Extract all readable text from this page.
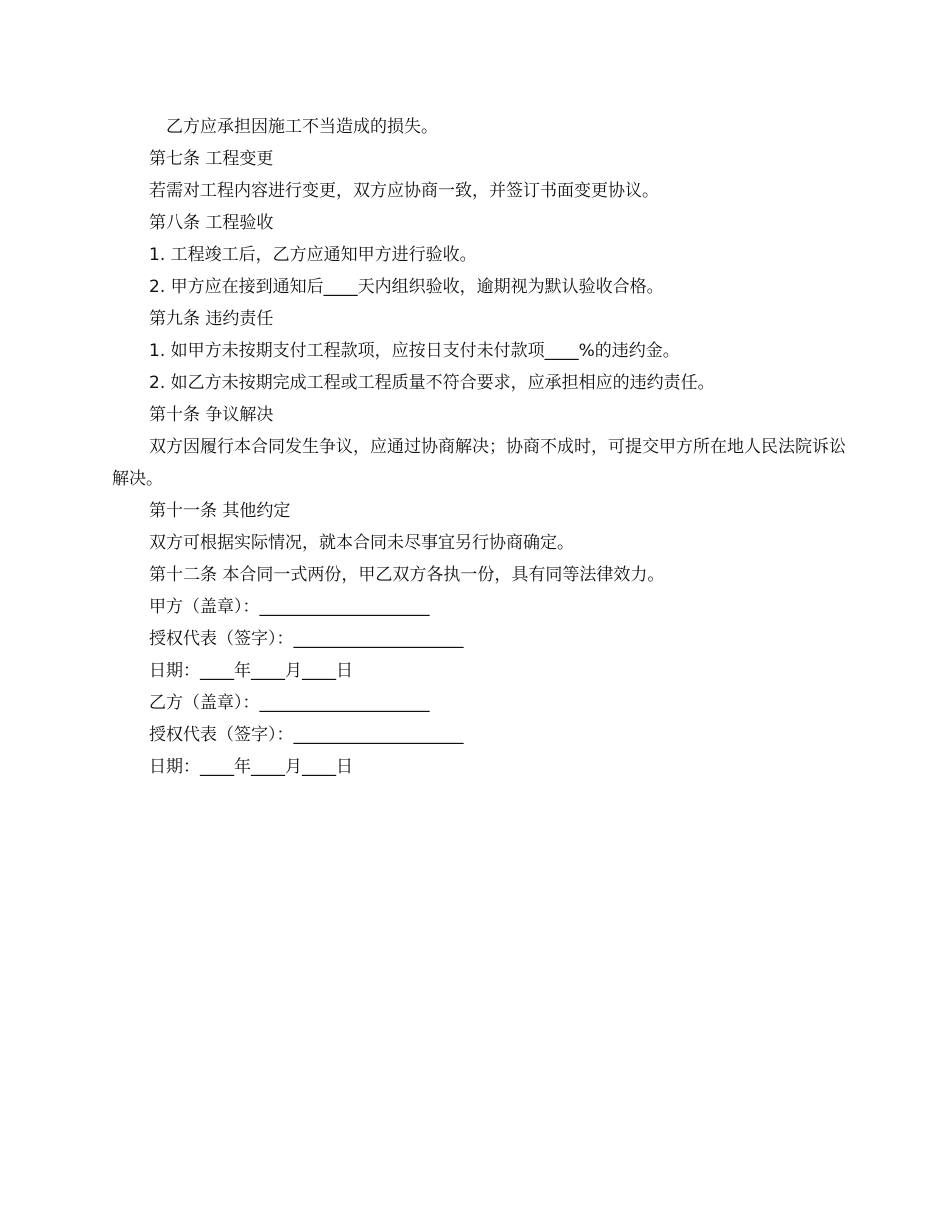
乙方应承担因施工不当造成的损失。

第七条 工程变更

若需对工程内容进行变更，双方应协商一致，并签订书面变更协议。

第八条 工程验收

1. 工程竣工后，乙方应通知甲方进行验收。

2. 甲方应在接到通知后____天内组织验收，逾期视为默认验收合格。

第九条 违约责任

1. 如甲方未按期支付工程款项，应按日支付未付款项____%的违约金。

2. 如乙方未按期完成工程或工程质量不符合要求，应承担相应的违约责任。

第十条 争议解决

双方因履行本合同发生争议，应通过协商解决；协商不成时，可提交甲方所在地人民法院诉讼解决。

第十一条 其他约定

双方可根据实际情况，就本合同未尽事宜另行协商确定。

第十二条 本合同一式两份，甲乙双方各执一份，具有同等法律效力。

甲方（盖章）：____________________

授权代表（签字）：____________________

日期：____年____月____日

乙方（盖章）：____________________

授权代表（签字）：____________________

日期：____年____月____日
